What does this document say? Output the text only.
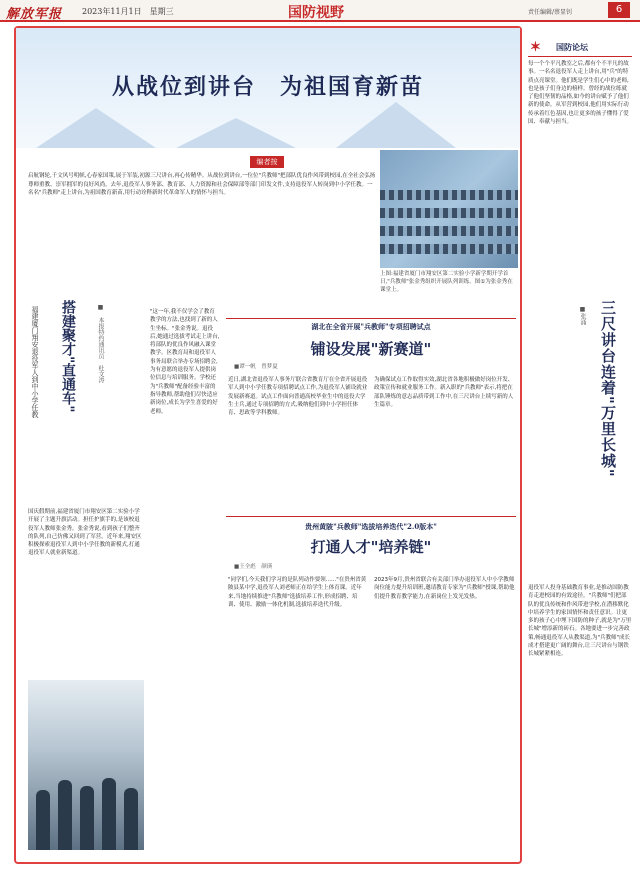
解放军报 2023年11月1日　星期三	国防视野	责任编辑/蔡显钊	6
从战位到讲台　为祖国育新苗
编者按
启航钢轮,千文风号明帜,心春家国策,展于军装,初源三尺讲台,再心传精华。从战位到讲台,一位位"兵教师"把部队优良作风带到校园,在全社会弘扬尊师重教、崇军拥军的良好风尚。去年,退役军人事务部、教育部、人力资源和社会保障部等部门印发文件,支持退役军人转岗到中小学任教。一名名"兵教师"走上讲台,为祖国教育新苗,用行动诠释新时代革命军人的情怀与担当。
上图:福建省厦门市翔安区第二实验小学新学期开学首日,"兵教师"张金秀组织开展队列训练。图①为张金秀在课堂上。
福建厦门翔安退役军人到中小学任教 搭建聚才"直通车"	■　本报特约通讯员　杜文涛
国庆假期前,福建省厦门市翔安区第二实验小学开展了主题升旗活动。担任护旗手的,是该校退役军人教师张金秀。张金秀说,看到孩子们整齐的队列,自己仿佛又回到了军营。近年来,翔安区积极探索退役军人到中小学任教的新模式,打通退役军人就业新渠道。
"这一年,我不仅学会了教育教学的方法,也找到了新的人生坐标。"张金秀说。退役后,她通过选拔考试走上讲台,将部队的优良作风融入课堂教学。区教育局和退役军人事务局联合举办专场招聘会,为有意愿的退役军人提供岗位信息与培训服务。学校还为"兵教师"配备经验丰富的指导教师,帮助他们尽快适应新岗位,成长为学生喜爱的好老师。
湖北在全省开展"兵教师"专项招聘试点
铺设发展"新赛道"
■谭一帆　曾梦夏
近日,湖北省退役军人事务厅联合省教育厅在全省开展退役军人到中小学任教专项招聘试点工作,为退役军人铺设就业发展新赛道。试点工作面向普通高校毕业生中的退役大学生士兵,通过专项招聘的方式,吸纳他们到中小学担任体育、思政等学科教师。
为确保试点工作取得实效,湖北省各地积极做好岗位开发、政策宣传和就业服务工作。新入职的"兵教师"表示,将把在部队锤炼的意志品质带到工作中,在三尺讲台上续写新的人生篇章。
贵州黄陂"兵教师"选拔培养迭代"2.0版本"
打通人才"培养链"
■王全彪　颜瑛
"同学们,今天我们学习的是队列动作要领......"在贵州省黄陂县某中学,退役军人刘老师正在给学生上体育课。近年来,当地持续推进"兵教师"选拔培养工作,形成招聘、培训、使用、激励一体化机制,选拔培养迭代升级。
2023年9月,贵州省联合有关部门举办退役军人中小学教师岗位能力提升培训班,邀请教育专家为"兵教师"授课,帮助他们提升教育教学能力,在新岗位上发光发热。
✶ 国防论坛
每一个个平凡教室之后,都有个不平凡的故事。一名名退役军人走上讲台,用"兵"的特质点亮课堂。他们既是学生们心中的老师,也是孩子们身边的榜样。曾经的战位练就了他们坚韧的品格,如今的讲台赋予了他们新的使命。从军营到校园,他们用实际行动传承着红色基因,也让更多的孩子懂得了爱国、奉献与担当。
三尺讲台连着"万里长城"
■张涌
退役军人投身基础教育事业,是推动国防教育走进校园的有效途径。"兵教师"们把部队的优良传统和作风带进学校,在潜移默化中培养学生的家国情怀和责任意识。让更多的孩子心中埋下国防的种子,就是为"万里长城"增添新的砖石。各地要进一步完善政策,畅通退役军人从教渠道,为"兵教师"成长成才搭建更广阔的舞台,让三尺讲台与钢铁长城紧紧相连。
